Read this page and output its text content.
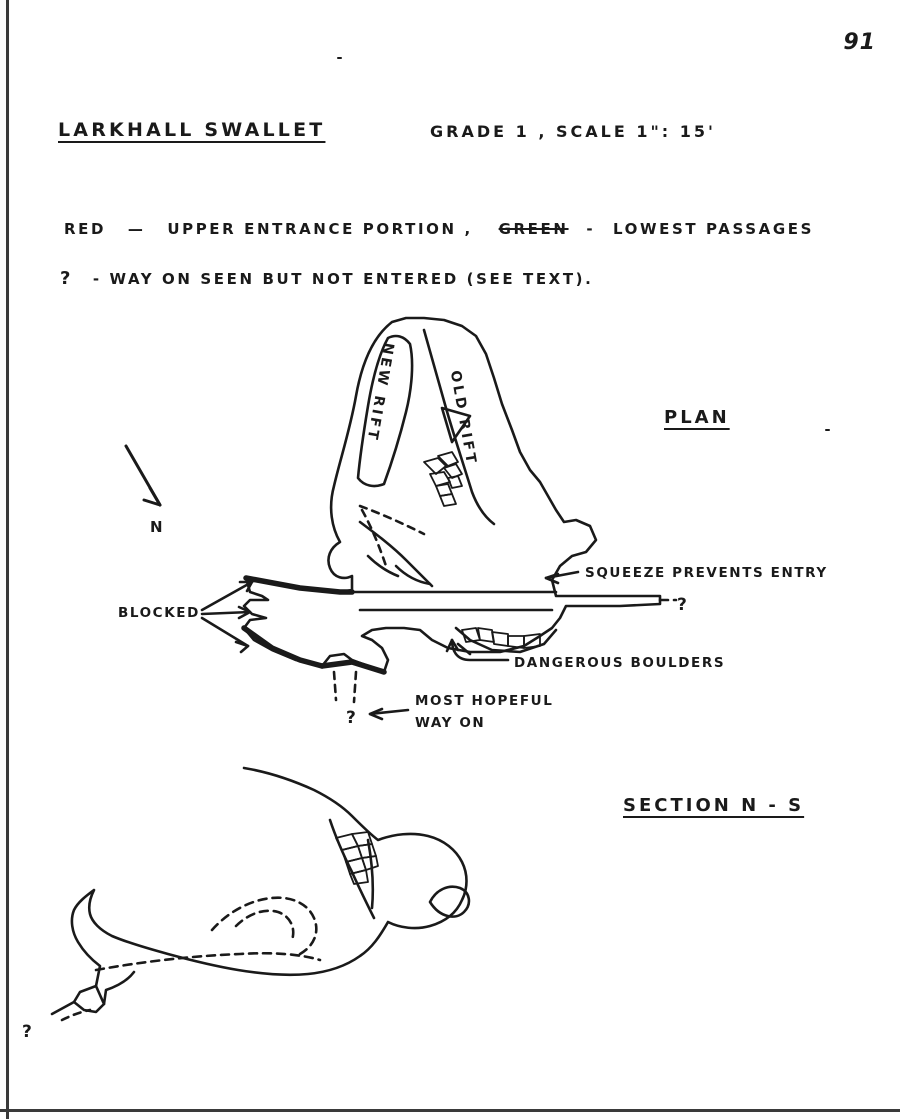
91
LARKHALL SWALLET	GRADE 1 , SCALE 1": 15'
RED — UPPER ENTRANCE PORTION , GREEN - LOWEST PASSAGES
? - WAY ON SEEN BUT NOT ENTERED (SEE TEXT).
PLAN
SECTION N - S
N
BLOCKED
SQUEEZE PREVENTS ENTRY
DANGEROUS BOULDERS
MOST HOPEFUL
WAY ON
?
?
?
NEW RIFT	OLD RIFT
